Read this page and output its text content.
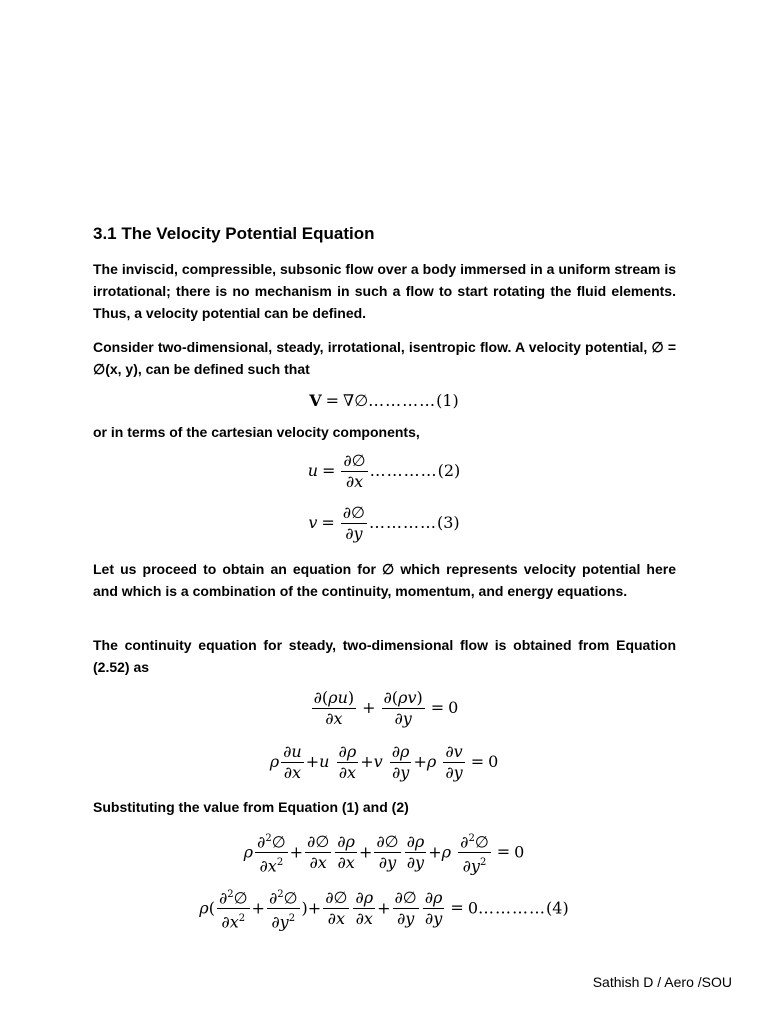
3.1 The Velocity Potential Equation

The inviscid, compressible, subsonic flow over a body immersed in a uniform stream is irrotational; there is no mechanism in such a flow to start rotating the fluid elements. Thus, a velocity potential can be defined.

Consider two-dimensional, steady, irrotational, isentropic flow. A velocity potential, ∅ = ∅(x, y), can be defined such that

V = ∇∅…………(1)

or in terms of the cartesian velocity components,

$u = \frac{\partial\emptyset}{\partial x}$ …………(2)
$v = \frac{\partial\emptyset}{\partial y}$ …………(3)

Let us proceed to obtain an equation for ∅ which represents velocity potential here and which is a combination of the continuity, momentum, and energy equations.

The continuity equation for steady, two-dimensional flow is obtained from Equation (2.52) as

$\frac{\partial(\rho u)}{\partial x} + \frac{\partial(\rho v)}{\partial y} = 0$
ρ $\frac{\partial u}{\partial x} +u \frac{\partial\rho}{\partial x} +v \frac{\partial\rho}{\partial y} +\rho \frac{\partial v}{\partial y} = 0$

Substituting the value from Equation (1) and (2)

ρ $\frac{\partial^2\emptyset}{\partial x^2} + \frac{\partial\emptyset}{\partial x} \frac{\partial\rho}{\partial x} + \frac{\partial\emptyset}{\partial y} \frac{\partial\rho}{\partial y} +\rho \frac{\partial^2\emptyset}{\partial y^2} = 0$
$\rho( \frac{\partial^2\emptyset}{\partial x^2} + \frac{\partial^2\emptyset}{\partial y^2}$ )+ $\frac{\partial\emptyset}{\partial x} \frac{\partial\rho}{\partial x} + \frac{\partial\emptyset}{\partial y} \frac{\partial\rho}{\partial y}$ = 0…………(4)
Sathish D / Aero /SOU
